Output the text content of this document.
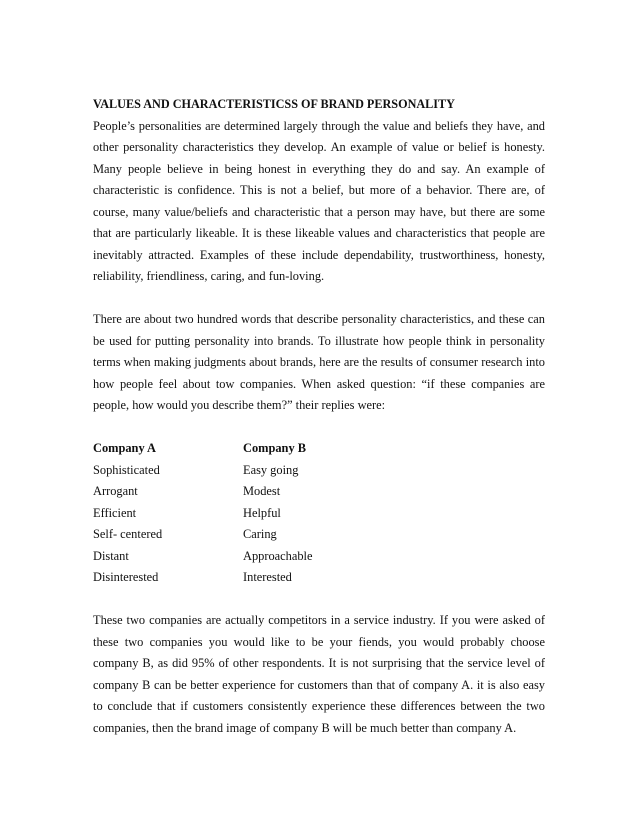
VALUES AND CHARACTERISTICSS OF BRAND PERSONALITY

People’s personalities are determined largely through the value and beliefs they have, and other personality characteristics they develop. An example of value or belief is honesty. Many people believe in being honest in everything they do and say. An example of characteristic is confidence. This is not a belief, but more of a behavior. There are, of course, many value/beliefs and characteristic that a person may have, but there are some that are particularly likeable. It is these likeable values and characteristics that people are inevitably attracted. Examples of these include dependability, trustworthiness, honesty, reliability, friendliness, caring, and fun-loving.

There are about two hundred words that describe personality characteristics, and these can be used for putting personality into brands. To illustrate how people think in personality terms when making judgments about brands, here are the results of consumer research into how people feel about tow companies. When asked question: “if these companies are people, how would you describe them?” their replies were:

Company A	Company B
Sophisticated	Easy going
Arrogant	Modest
Efficient	Helpful
Self- centered	Caring
Distant	Approachable
Disinterested	Interested

These two companies are actually competitors in a service industry. If you were asked of these two companies you would like to be your fiends, you would probably choose company B, as did 95% of other respondents. It is not surprising that the service level of company B can be better experience for customers than that of company A. it is also easy to conclude that if customers consistently experience these differences between the two companies, then the brand image of company B will be much better than company A.
